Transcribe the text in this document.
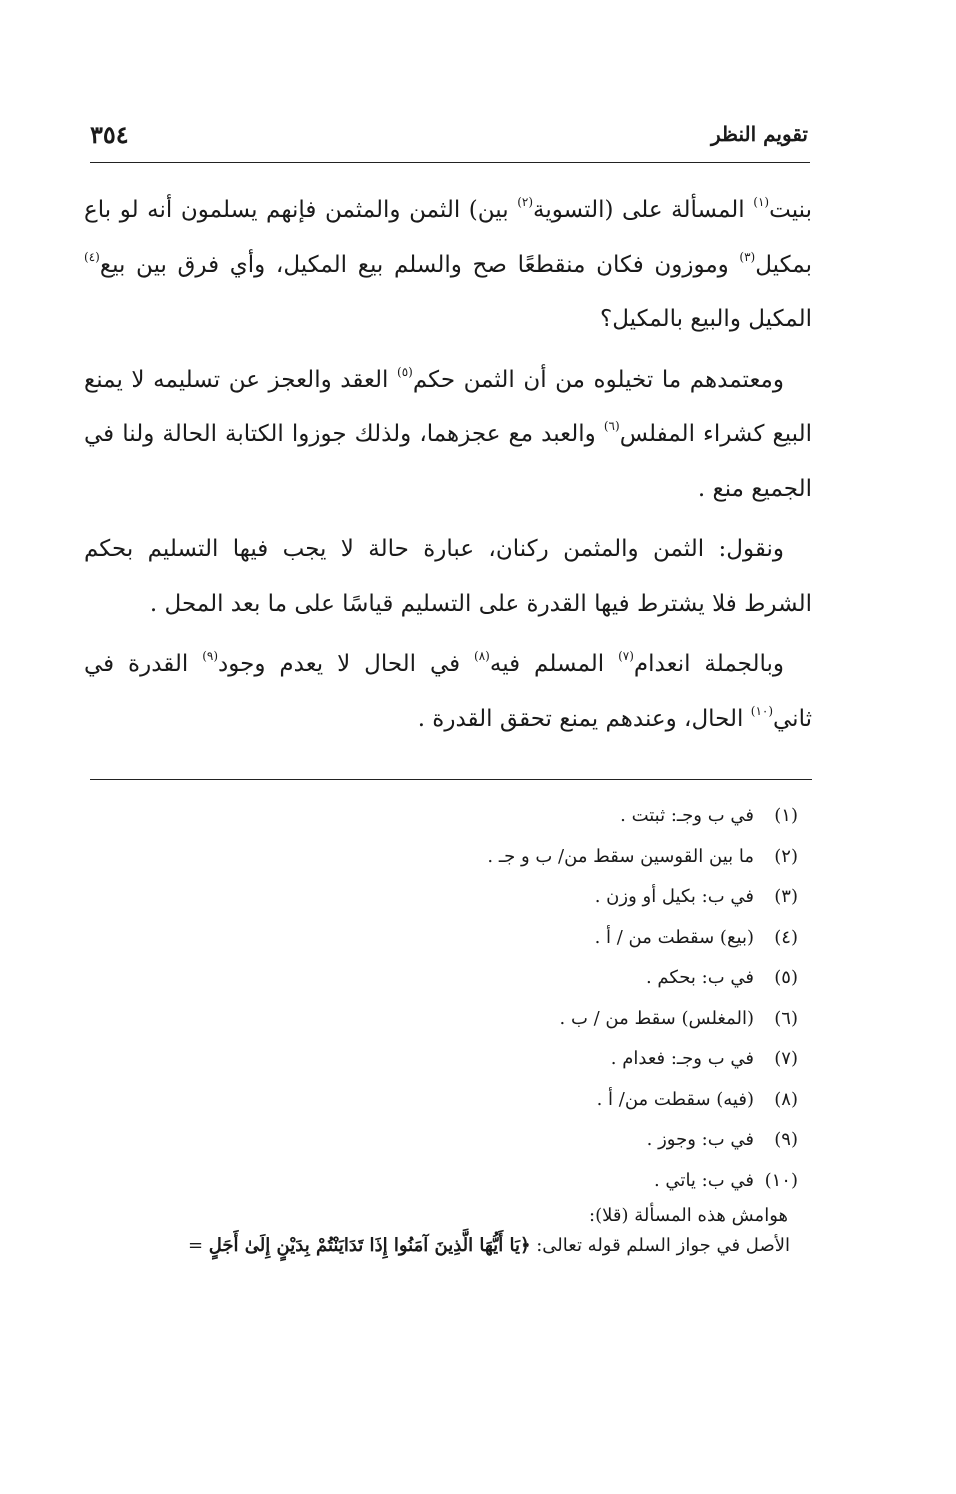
تقويم النظر
٣٥٤

بنيت$^{(١)}$ المسألة على (التسوية$^{(٢)}$ بين) الثمن والمثمن فإنهم يسلمون أنه لو باع بمكيل$^{(٣)}$ وموزون فكان منقطعًا صح والسلم بيع المكيل، وأي فرق بين بيع$^{(٤)}$ المكيل والبيع بالمكيل؟

ومعتمدهم ما تخيلوه من أن الثمن حكم$^{(٥)}$ العقد والعجز عن تسليمه لا يمنع البيع كشراء المفلس$^{(٦)}$ والعبد مع عجزهما، ولذلك جوزوا الكتابة الحالة ولنا في الجميع منع .

ونقول: الثمن والمثمن ركنان، عبارة حالة لا يجب فيها التسليم بحكم الشرط فلا يشترط فيها القدرة على التسليم قياسًا على ما بعد المحل .

وبالجملة انعدام$^{(٧)}$ المسلم فيه$^{(٨)}$ في الحال لا يعدم وجود$^{(٩)}$ القدرة في ثاني$^{(١٠)}$ الحال، وعندهم يمنع تحقق القدرة .

(١)في ب وجـ: ثبتت .

(٢)ما بين القوسين سقط من/ ب و جـ .

(٣)في ب: بكيل أو وزن .

(٤)(بيع) سقطت من / أ .

(٥)في ب: بحكم .

(٦)(المغلس) سقط من / ب .

(٧)في ب وجـ: فعدام .

(٨)(فيه) سقطت من/ أ .

(٩)في ب: وجوز .

(١٠)في ب: ياتي .

هوامش هذه المسألة (قلا):

الأصل في جواز السلم قوله تعالى: ﴿يَا أَيُّهَا الَّذِينَ آمَنُوا إِذَا تَدَايَنْتُمْ بِدَيْنٍ إِلَىٰ أَجَلٍ =
